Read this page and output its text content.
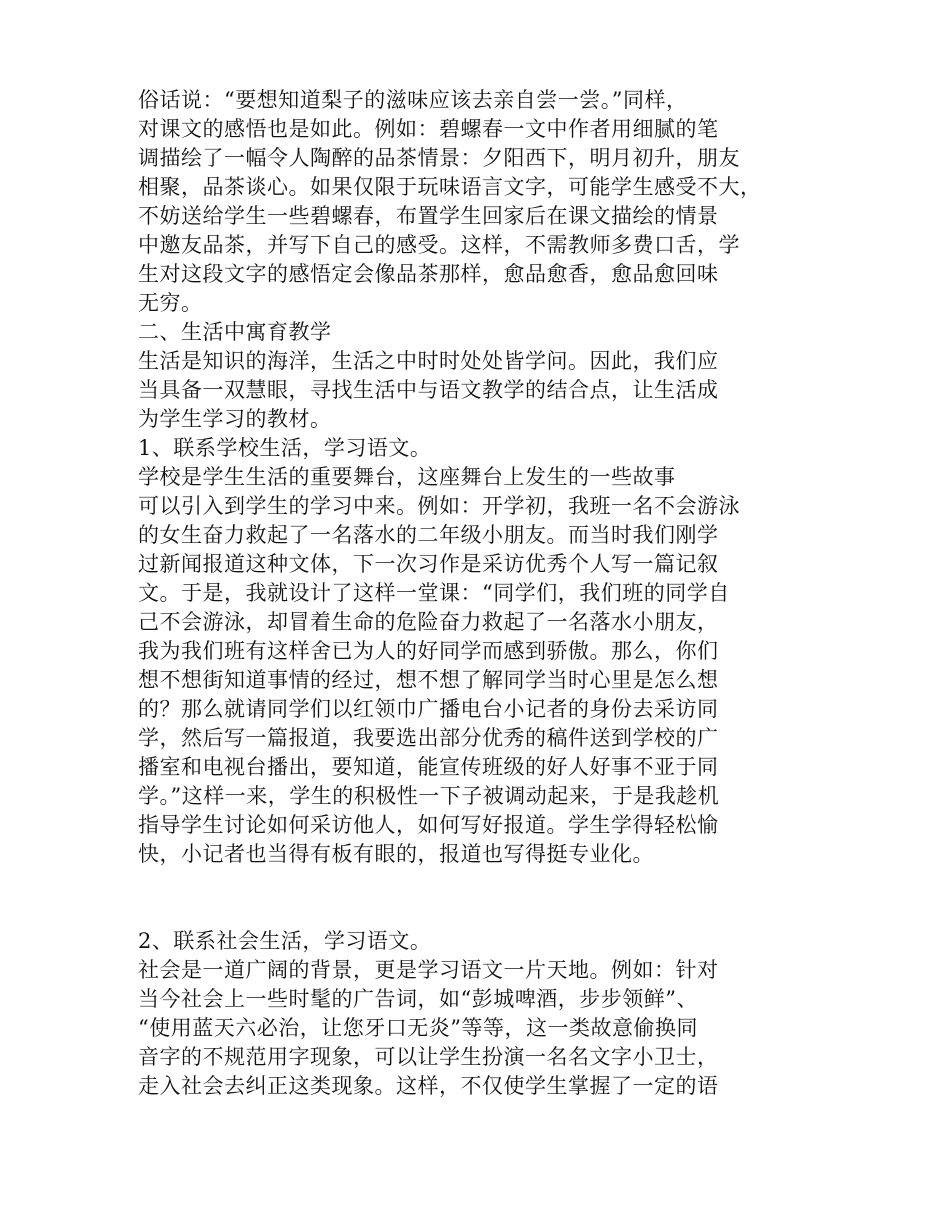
俗话说：“要想知道梨子的滋味应该去亲自尝一尝。”同样，
对课文的感悟也是如此。例如：碧螺春一文中作者用细腻的笔
调描绘了一幅令人陶醉的品茶情景：夕阳西下，明月初升，朋友
相聚，品茶谈心。如果仅限于玩味语言文字，可能学生感受不大，
不妨送给学生一些碧螺春，布置学生回家后在课文描绘的情景
中邀友品茶，并写下自己的感受。这样，不需教师多费口舌，学
生对这段文字的感悟定会像品茶那样，愈品愈香，愈品愈回味
无穷。
二、生活中寓育教学
生活是知识的海洋，生活之中时时处处皆学问。因此，我们应
当具备一双慧眼，寻找生活中与语文教学的结合点，让生活成
为学生学习的教材。
1、联系学校生活，学习语文。
学校是学生生活的重要舞台，这座舞台上发生的一些故事
可以引入到学生的学习中来。例如：开学初，我班一名不会游泳
的女生奋力救起了一名落水的二年级小朋友。而当时我们刚学
过新闻报道这种文体，下一次习作是采访优秀个人写一篇记叙
文。于是，我就设计了这样一堂课：“同学们，我们班的同学自
己不会游泳，却冒着生命的危险奋力救起了一名落水小朋友，
我为我们班有这样舍已为人的好同学而感到骄傲。那么，你们
想不想街知道事情的经过，想不想了解同学当时心里是怎么想
的？那么就请同学们以红领巾广播电台小记者的身份去采访同
学，然后写一篇报道，我要选出部分优秀的稿件送到学校的广
播室和电视台播出，要知道，能宣传班级的好人好事不亚于同
学。”这样一来，学生的积极性一下子被调动起来，于是我趁机
指导学生讨论如何采访他人，如何写好报道。学生学得轻松愉
快，小记者也当得有板有眼的，报道也写得挺专业化。
2、联系社会生活，学习语文。
社会是一道广阔的背景，更是学习语文一片天地。例如：针对
当今社会上一些时髦的广告词，如“彭城啤酒，步步领鲜”、
“使用蓝天六必治，让您牙口无炎”等等，这一类故意偷换同
音字的不规范用字现象，可以让学生扮演一名名文字小卫士，
走入社会去纠正这类现象。这样，不仅使学生掌握了一定的语
